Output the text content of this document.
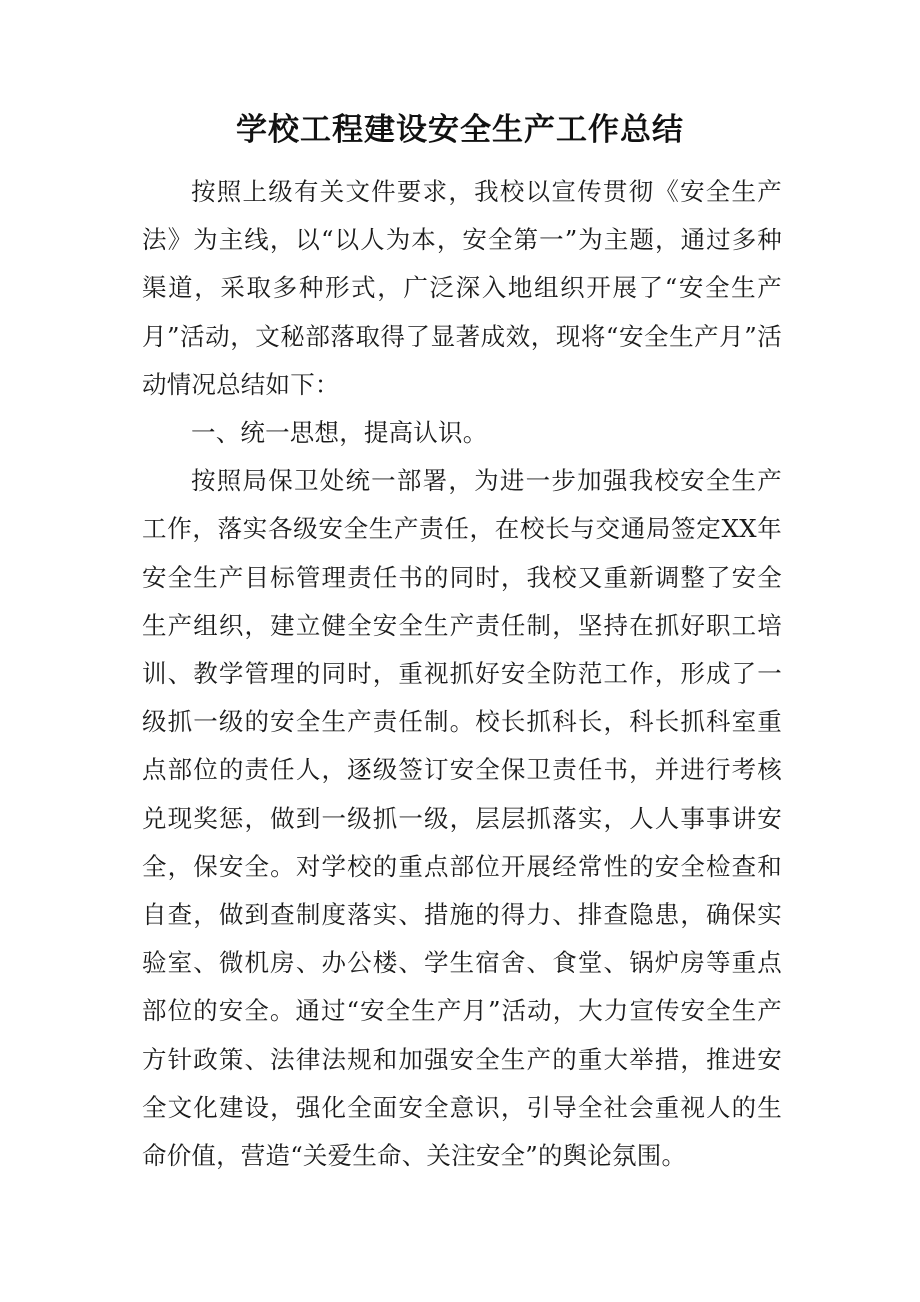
学校工程建设安全生产工作总结

按照上级有关文件要求，我校以宣传贯彻《安全生产法》为主线，以“以人为本，安全第一”为主题，通过多种渠道，采取多种形式，广泛深入地组织开展了“安全生产月”活动，文秘部落取得了显著成效，现将“安全生产月”活动情况总结如下：

一、统一思想，提高认识。

按照局保卫处统一部署，为进一步加强我校安全生产工作，落实各级安全生产责任，在校长与交通局签定XX年安全生产目标管理责任书的同时，我校又重新调整了安全生产组织，建立健全安全生产责任制，坚持在抓好职工培训、教学管理的同时，重视抓好安全防范工作，形成了一级抓一级的安全生产责任制。校长抓科长，科长抓科室重点部位的责任人，逐级签订安全保卫责任书，并进行考核兑现奖惩，做到一级抓一级，层层抓落实，人人事事讲安全，保安全。对学校的重点部位开展经常性的安全检查和自查，做到查制度落实、措施的得力、排查隐患，确保实验室、微机房、办公楼、学生宿舍、食堂、锅炉房等重点部位的安全。通过“安全生产月”活动，大力宣传安全生产方针政策、法律法规和加强安全生产的重大举措，推进安全文化建设，强化全面安全意识，引导全社会重视人的生命价值，营造“关爱生命、关注安全”的舆论氛围。
